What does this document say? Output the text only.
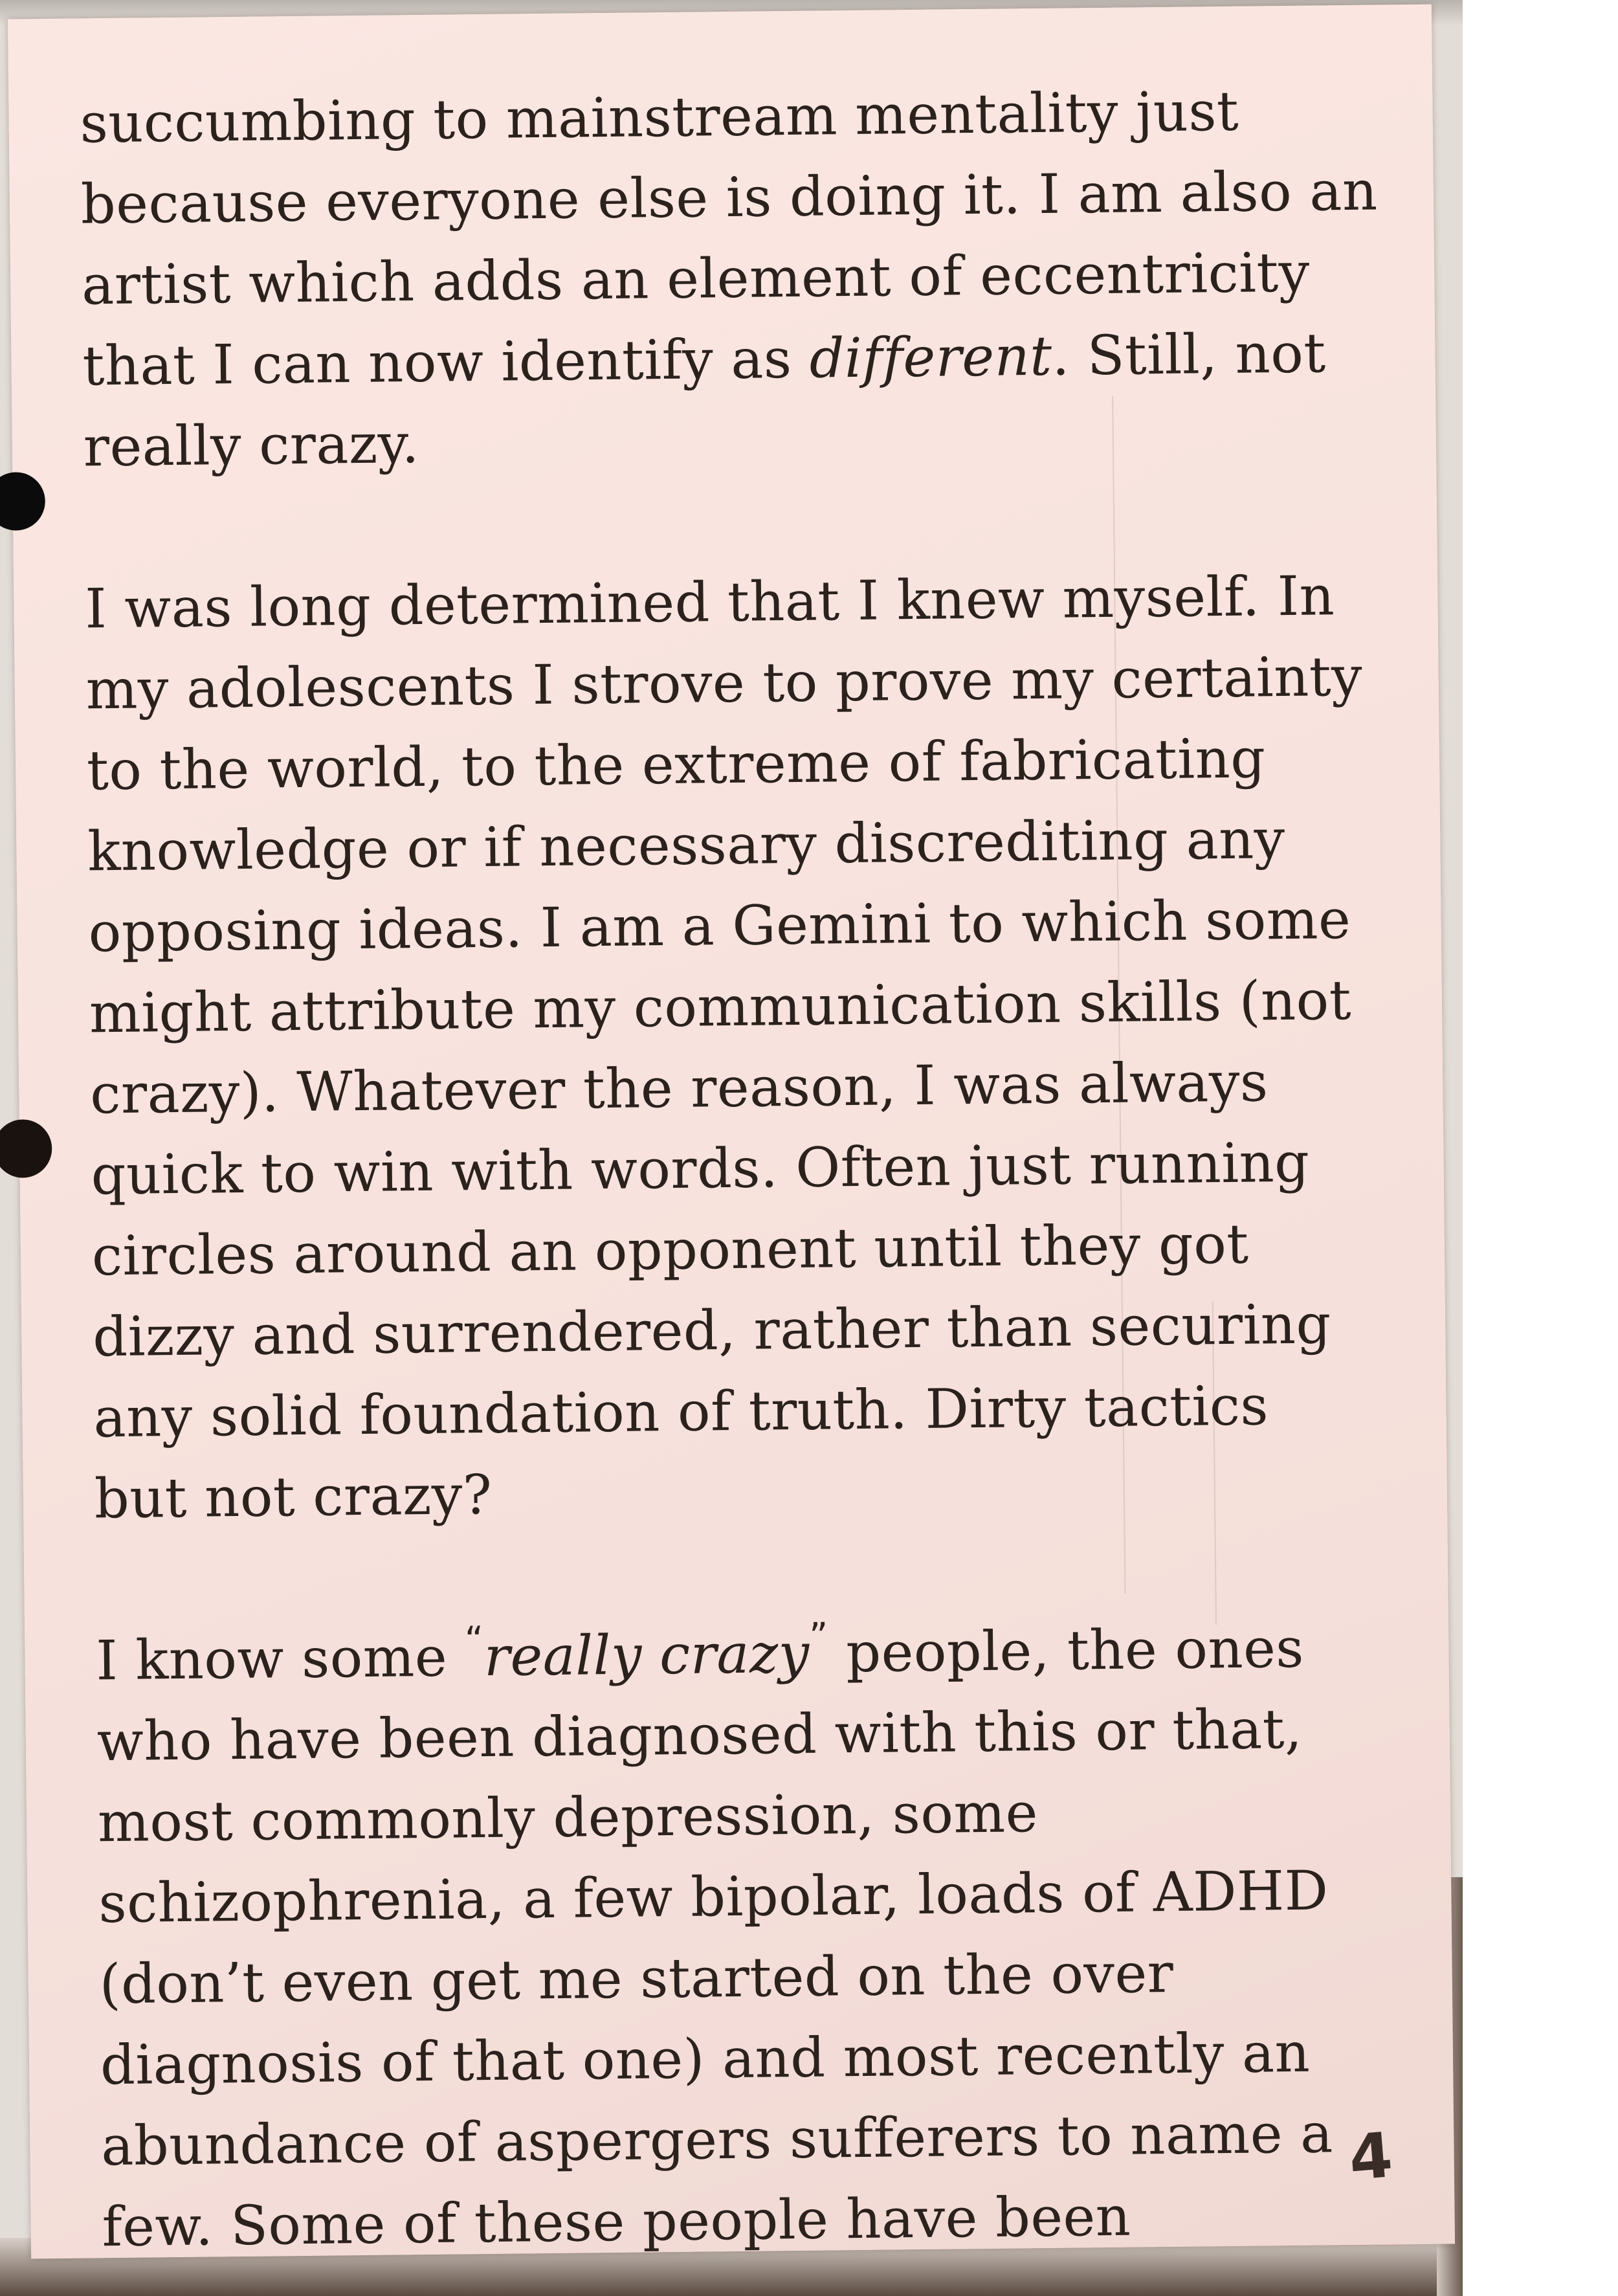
succumbing to mainstream mentality just
because everyone else is doing it. I am also an
artist which adds an element of eccentricity
that I can now identify as different. Still, not
really crazy.

I was long determined that I knew myself. In
my adolescents I strove to prove my certainty
to the world, to the extreme of fabricating
knowledge or if necessary discrediting any
opposing ideas. I am a Gemini to which some
might attribute my communication skills (not
crazy). Whatever the reason, I was always
quick to win with words. Often just running
circles around an opponent until they got
dizzy and surrendered, rather than securing
any solid foundation of truth. Dirty tactics
but not crazy?

I know some “really crazy” people, the ones
who have been diagnosed with this or that,
most commonly depression, some
schizophrenia, a few bipolar, loads of ADHD
(don’t even get me started on the over
diagnosis of that one) and most recently an
abundance of aspergers sufferers to name a
few. Some of these people have been

4
